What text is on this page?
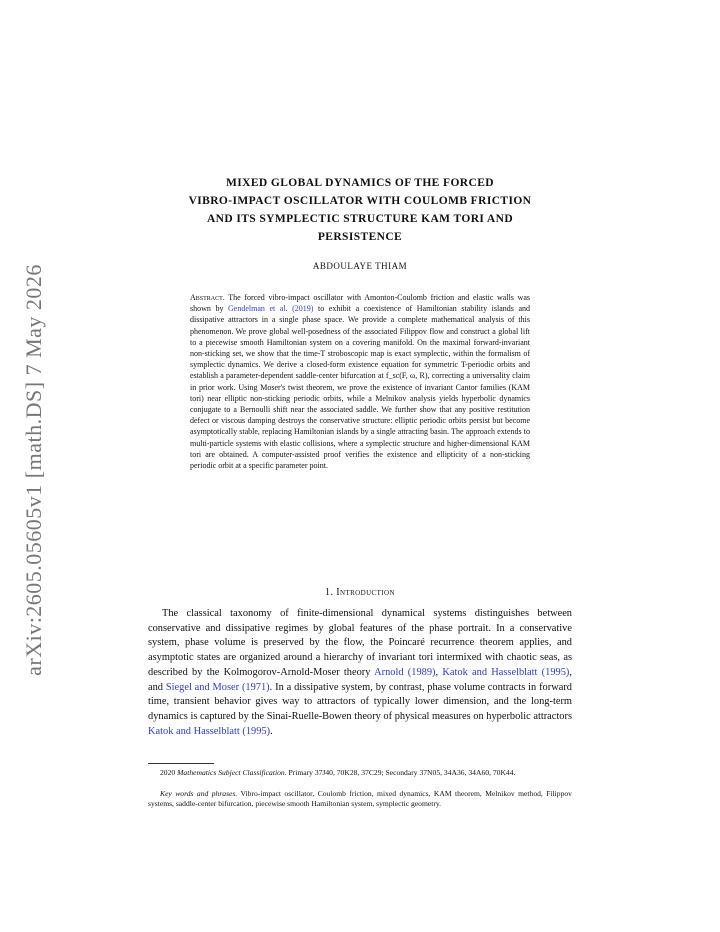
arXiv:2605.05605v1 [math.DS] 7 May 2026
MIXED GLOBAL DYNAMICS OF THE FORCED
VIBRO-IMPACT OSCILLATOR WITH COULOMB FRICTION
AND ITS SYMPLECTIC STRUCTURE KAM TORI AND
PERSISTENCE
ABDOULAYE THIAM
Abstract. The forced vibro-impact oscillator with Amonton-Coulomb friction and elastic walls was shown by Gendelman et al. (2019) to exhibit a coexistence of Hamiltonian stability islands and dissipative attractors in a single phase space. We provide a complete mathematical analysis of this phenomenon. We prove global well-posedness of the associated Filippov flow and construct a global lift to a piecewise smooth Hamiltonian system on a covering manifold. On the maximal forward-invariant non-sticking set, we show that the time-T stroboscopic map is exact symplectic, within the formalism of symplectic dynamics. We derive a closed-form existence equation for symmetric T-periodic orbits and establish a parameter-dependent saddle-center bifurcation at f_sc(F, ω, R), correcting a universality claim in prior work. Using Moser's twist theorem, we prove the existence of invariant Cantor families (KAM tori) near elliptic non-sticking periodic orbits, while a Melnikov analysis yields hyperbolic dynamics conjugate to a Bernoulli shift near the associated saddle. We further show that any positive restitution defect or viscous damping destroys the conservative structure: elliptic periodic orbits persist but become asymptotically stable, replacing Hamiltonian islands by a single attracting basin. The approach extends to multi-particle systems with elastic collisions, where a symplectic structure and higher-dimensional KAM tori are obtained. A computer-assisted proof verifies the existence and ellipticity of a non-sticking periodic orbit at a specific parameter point.
1. Introduction
The classical taxonomy of finite-dimensional dynamical systems distinguishes between conservative and dissipative regimes by global features of the phase portrait. In a conservative system, phase volume is preserved by the flow, the Poincaré recurrence theorem applies, and asymptotic states are organized around a hierarchy of invariant tori intermixed with chaotic seas, as described by the Kolmogorov-Arnold-Moser theory Arnold (1989), Katok and Hasselblatt (1995), and Siegel and Moser (1971). In a dissipative system, by contrast, phase volume contracts in forward time, transient behavior gives way to attractors of typically lower dimension, and the long-term dynamics is captured by the Sinai-Ruelle-Bowen theory of physical measures on hyperbolic attractors Katok and Hasselblatt (1995).
2020 Mathematics Subject Classification. Primary 37J40, 70K28, 37C29; Secondary 37N05, 34A36, 34A60, 70K44.
Key words and phrases. Vibro-impact oscillator, Coulomb friction, mixed dynamics, KAM theorem, Melnikov method, Filippov systems, saddle-center bifurcation, piecewise smooth Hamiltonian system, symplectic geometry.
